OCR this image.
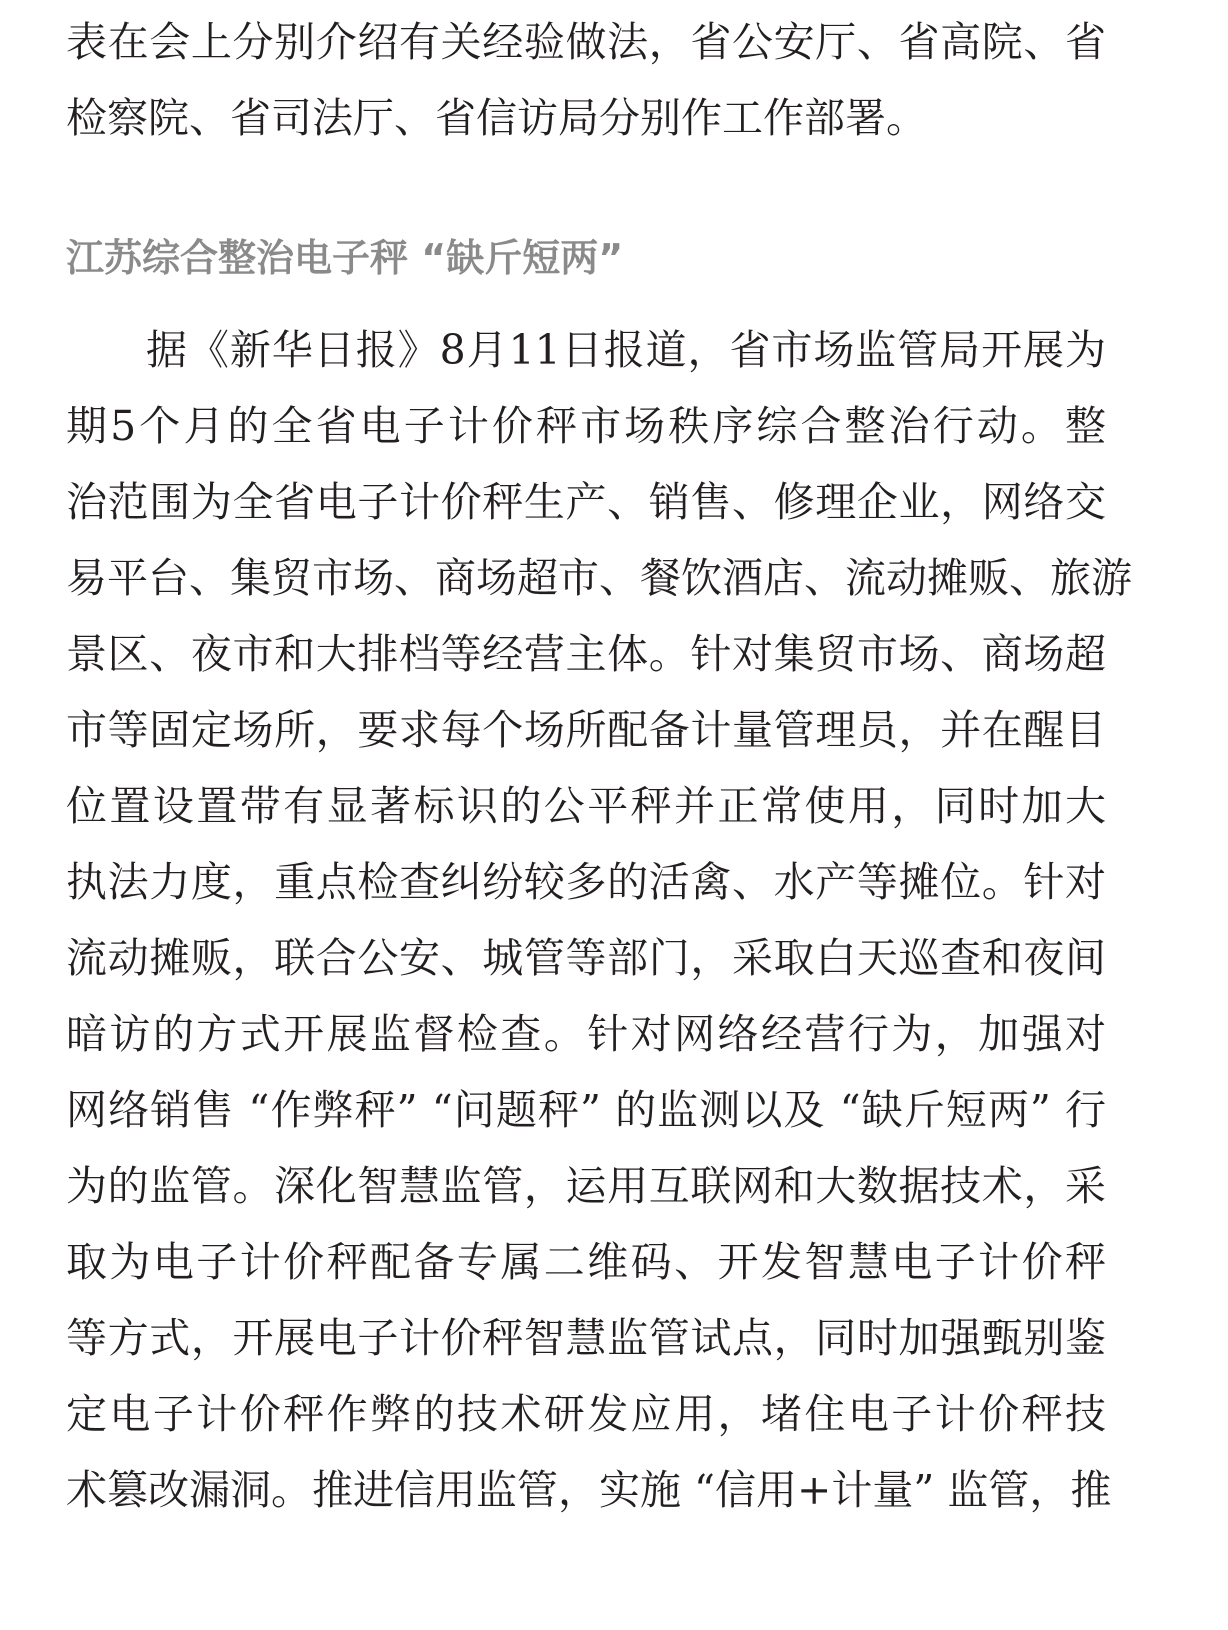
表在会上分别介绍有关经验做法，省公安厅、省高院、省
检察院、省司法厅、省信访局分别作工作部署。
江苏综合整治电子秤 “缺斤短两”
据《新华日报》8月11日报道，省市场监管局开展为
期5个月的全省电子计价秤市场秩序综合整治行动。整
治范围为全省电子计价秤生产、销售、修理企业，网络交
易平台、集贸市场、商场超市、餐饮酒店、流动摊贩、旅游
景区、夜市和大排档等经营主体。针对集贸市场、商场超
市等固定场所，要求每个场所配备计量管理员，并在醒目
位置设置带有显著标识的公平秤并正常使用，同时加大
执法力度，重点检查纠纷较多的活禽、水产等摊位。针对
流动摊贩，联合公安、城管等部门，采取白天巡查和夜间
暗访的方式开展监督检查。针对网络经营行为，加强对
网络销售 “作弊秤” “问题秤” 的监测以及 “缺斤短两” 行
为的监管。深化智慧监管，运用互联网和大数据技术，采
取为电子计价秤配备专属二维码、开发智慧电子计价秤
等方式，开展电子计价秤智慧监管试点，同时加强甄别鉴
定电子计价秤作弊的技术研发应用，堵住电子计价秤技
术篡改漏洞。推进信用监管，实施 “信用+计量” 监管，推
